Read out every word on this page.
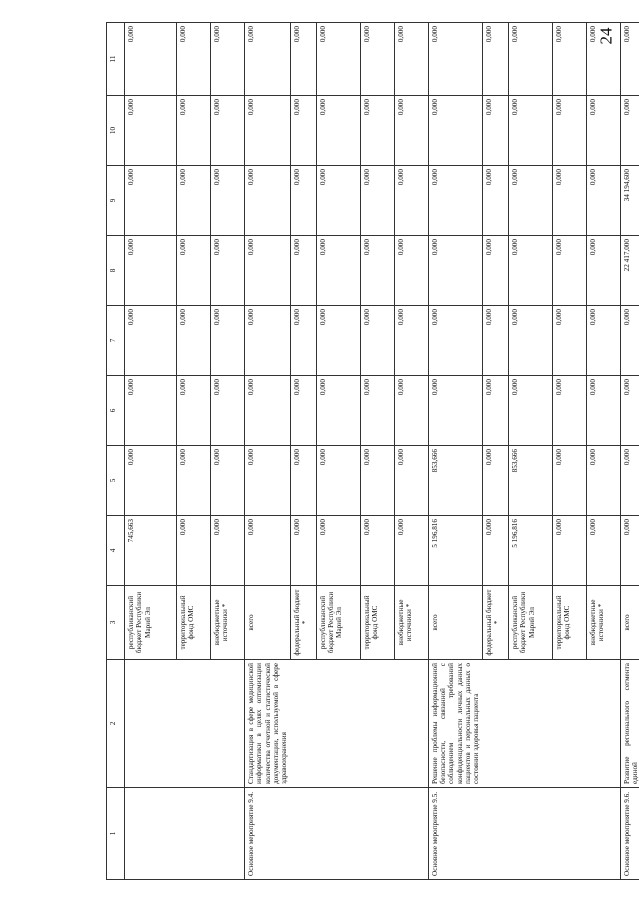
24
1	2	3	4	5	6	7	8	9	10	11
		республиканский бюджет Республики Марий Эл	745,663	0,000	0,000	0,000	0,000	0,000	0,000	0,000
		территориальный фонд ОМС	0,000	0,000	0,000	0,000	0,000	0,000	0,000	0,000
		внебюджетные источники *	0,000	0,000	0,000	0,000	0,000	0,000	0,000	0,000
Основное мероприятие 9.4.	Стандартизация в сфере медицинской информатики в целях оптимизации количества отчетной и статистической документации, используемой в сфере здравоохранения	всего	0,000	0,000	0,000	0,000	0,000	0,000	0,000	0,000
		федеральный бюджет *	0,000	0,000	0,000	0,000	0,000	0,000	0,000	0,000
		республиканский бюджет Республики Марий Эл	0,000	0,000	0,000	0,000	0,000	0,000	0,000	0,000
		территориальный фонд ОМС	0,000	0,000	0,000	0,000	0,000	0,000	0,000	0,000
		внебюджетные источники *	0,000	0,000	0,000	0,000	0,000	0,000	0,000	0,000
Основное мероприятие 9.5.	Решение проблемы информационной безопасности, связанной с соблюдением требований конфиденциальности личных данных пациентов и персональных данных о состоянии здоровья пациента	всего	5 196,816	853,666	0,000	0,000	0,000	0,000	0,000	0,000
		федеральный бюджет *	0,000	0,000	0,000	0,000	0,000	0,000	0,000	0,000
		республиканский бюджет Республики Марий Эл	5 196,816	853,666	0,000	0,000	0,000	0,000	0,000	0,000
		территориальный фонд ОМС	0,000	0,000	0,000	0,000	0,000	0,000	0,000	0,000
		внебюджетные источники *	0,000	0,000	0,000	0,000	0,000	0,000	0,000	0,000
Основное мероприятие 9.6.	Развитие регионального сегмента единой	всего	0,000	0,000	0,000	0,000	22 417,000	34 194,600	0,000	0,000
